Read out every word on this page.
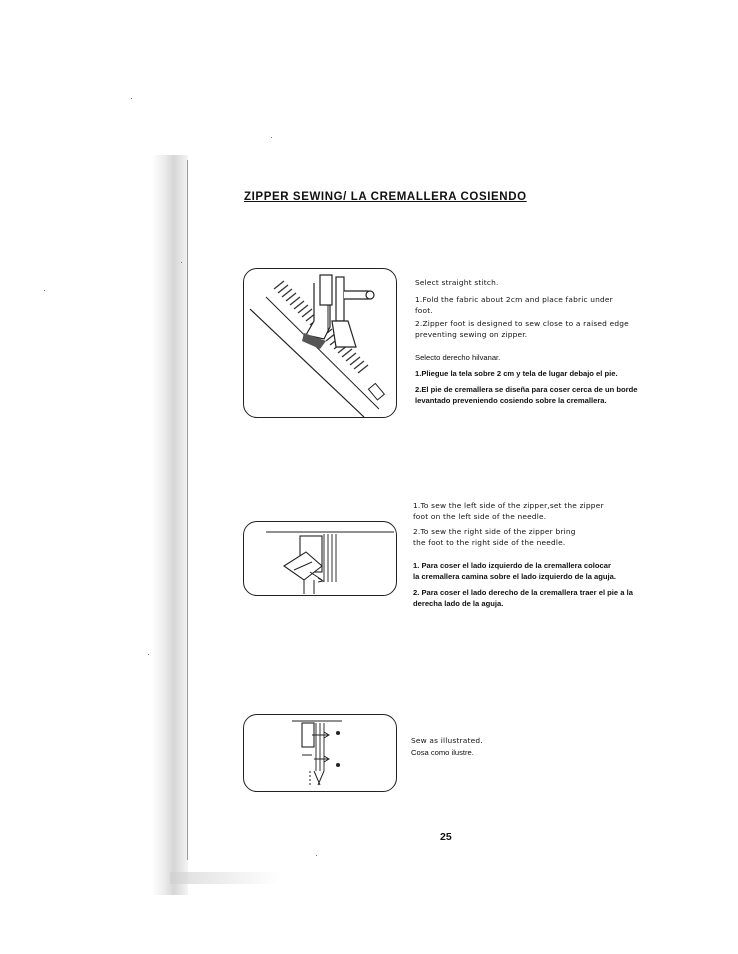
ZIPPER SEWING/ LA CREMALLERA COSIENDO

Select straight stitch.

1.Fold the fabric about 2cm and place fabric under

foot.

2.Zipper foot is designed to sew close to a raised edge

preventing sewing on zipper.

Selecto derecho hilvanar.

1.Pliegue la tela sobre 2 cm y tela de lugar debajo el pie.

2.El pie de cremallera se diseña para coser cerca de un borde

levantado preveniendo cosiendo sobre la cremallera.

1.To sew the left side of the zipper,set the zipper

foot on the left side of the needle.

2.To sew the right side of the zipper bring

the foot to the right side of the needle.

1. Para coser el lado izquierdo de la cremallera colocar

la cremallera camina sobre el lado izquierdo de la aguja.

2. Para coser el lado derecho de la cremallera traer el pie a la

derecha lado de la aguja.

Sew as illustrated.

Cosa como ilustre.

25
